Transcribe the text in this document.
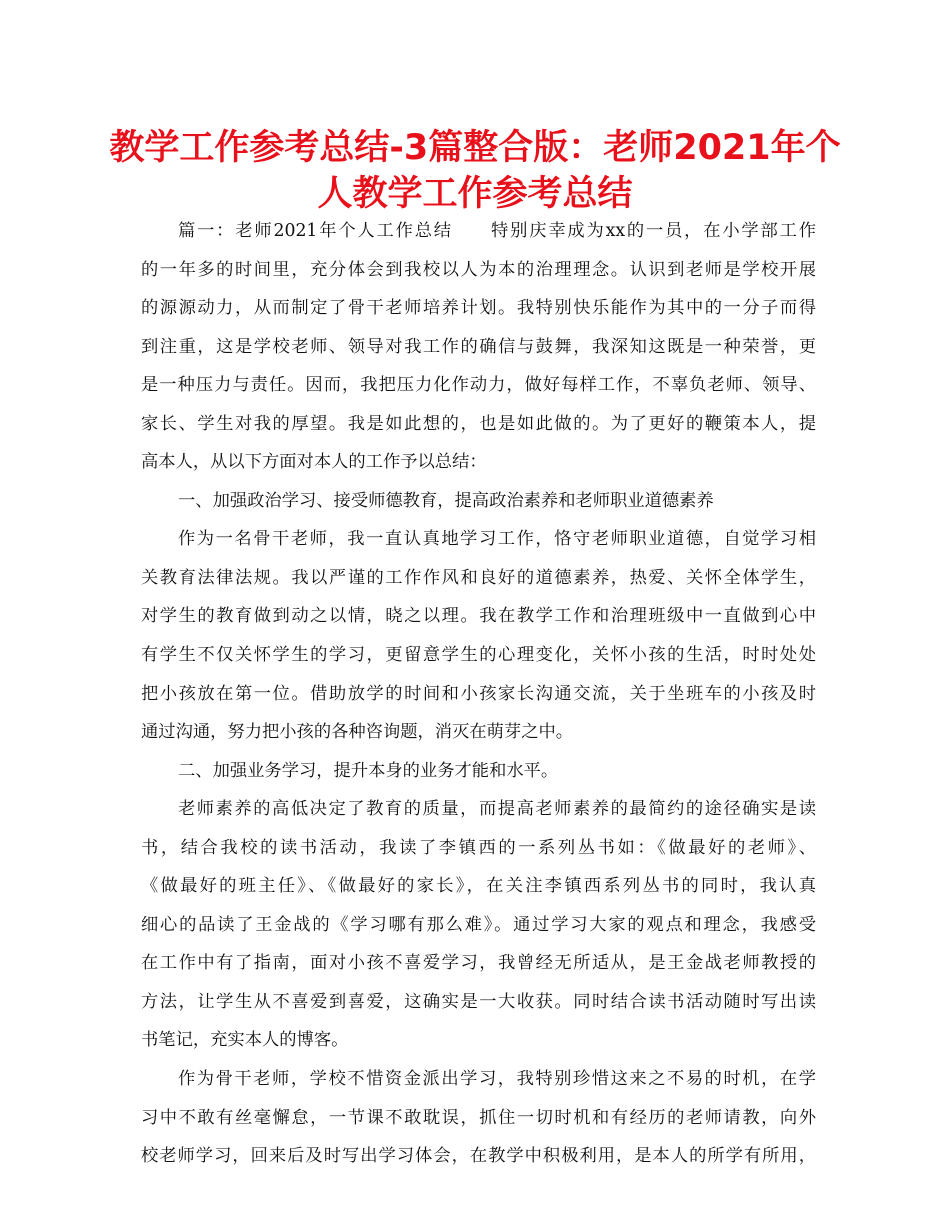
教学工作参考总结-3篇整合版：老师2021年个
人教学工作参考总结
篇一：老师2021年个人工作总结　　特别庆幸成为xx的一员，在小学部工作
的一年多的时间里，充分体会到我校以人为本的治理理念。认识到老师是学校开展
的源源动力，从而制定了骨干老师培养计划。我特别快乐能作为其中的一分子而得
到注重，这是学校老师、领导对我工作的确信与鼓舞，我深知这既是一种荣誉，更
是一种压力与责任。因而，我把压力化作动力，做好每样工作，不辜负老师、领导、
家长、学生对我的厚望。我是如此想的，也是如此做的。为了更好的鞭策本人，提
高本人，从以下方面对本人的工作予以总结：
一、加强政治学习、接受师德教育，提高政治素养和老师职业道德素养
作为一名骨干老师，我一直认真地学习工作，恪守老师职业道德，自觉学习相
关教育法律法规。我以严谨的工作作风和良好的道德素养，热爱、关怀全体学生，
对学生的教育做到动之以情，晓之以理。我在教学工作和治理班级中一直做到心中
有学生不仅关怀学生的学习，更留意学生的心理变化，关怀小孩的生活，时时处处
把小孩放在第一位。借助放学的时间和小孩家长沟通交流，关于坐班车的小孩及时
通过沟通，努力把小孩的各种咨询题，消灭在萌芽之中。
二、加强业务学习，提升本身的业务才能和水平。
老师素养的高低决定了教育的质量，而提高老师素养的最简约的途径确实是读
书，结合我校的读书活动，我读了李镇西的一系列丛书如：《做最好的老师》、
《做最好的班主任》、《做最好的家长》，在关注李镇西系列丛书的同时，我认真
细心的品读了王金战的《学习哪有那么难》。通过学习大家的观点和理念，我感受
在工作中有了指南，面对小孩不喜爱学习，我曾经无所适从，是王金战老师教授的
方法，让学生从不喜爱到喜爱，这确实是一大收获。同时结合读书活动随时写出读
书笔记，充实本人的博客。
作为骨干老师，学校不惜资金派出学习，我特别珍惜这来之不易的时机，在学
习中不敢有丝毫懈怠，一节课不敢耽误，抓住一切时机和有经历的老师请教，向外
校老师学习，回来后及时写出学习体会，在教学中积极利用，是本人的所学有所用，
